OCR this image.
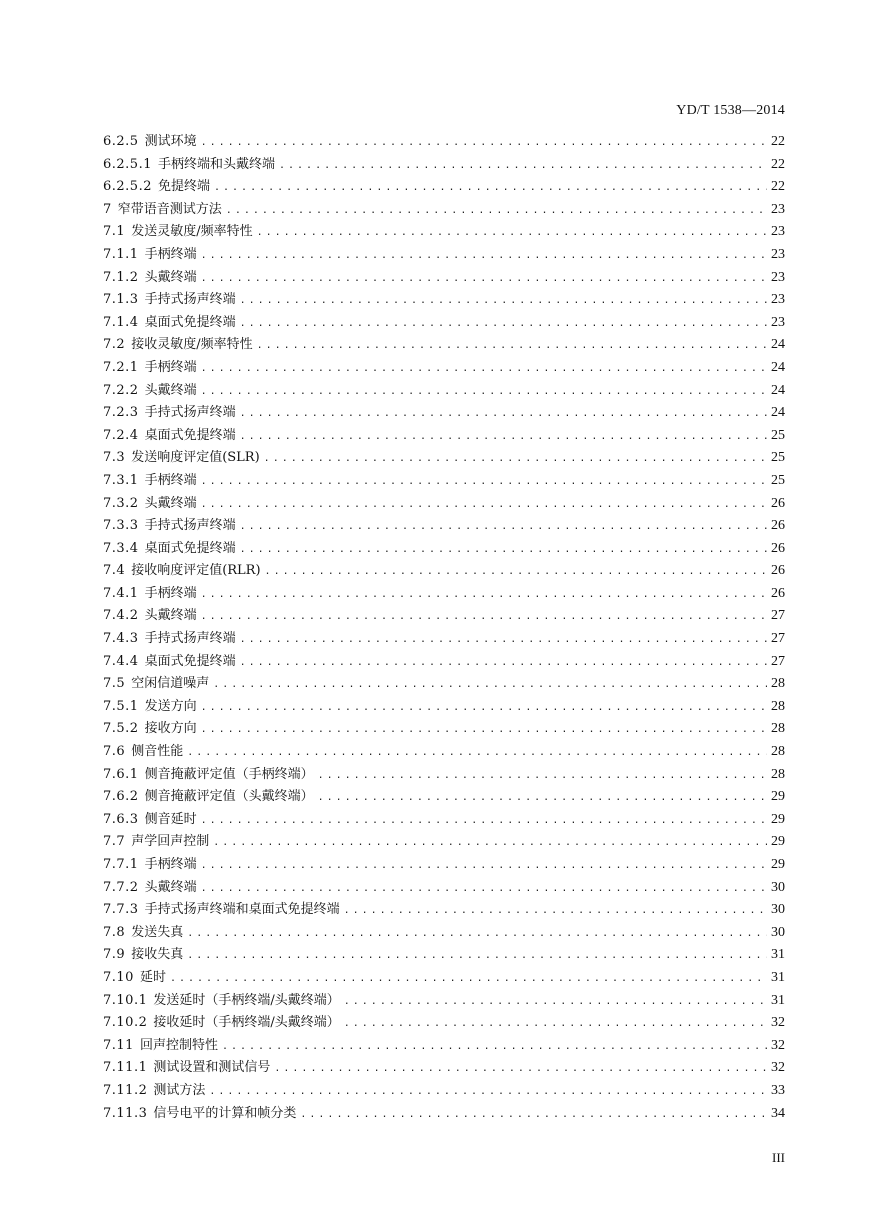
YD/T 1538—2014
6.2.5 测试环境 .....	22
6.2.5.1 手柄终端和头戴终端 .....	22
6.2.5.2 免提终端 .....	22
7 窄带语音测试方法 .....	23
7.1 发送灵敏度/频率特性 .....	23
7.1.1 手柄终端 .....	23
7.1.2 头戴终端 .....	23
7.1.3 手持式扬声终端 .....	23
7.1.4 桌面式免提终端 .....	23
7.2 接收灵敏度/频率特性 .....	24
7.2.1 手柄终端 .....	24
7.2.2 头戴终端 .....	24
7.2.3 手持式扬声终端 .....	24
7.2.4 桌面式免提终端 .....	25
7.3 发送响度评定值(SLR) .....	25
7.3.1 手柄终端 .....	25
7.3.2 头戴终端 .....	26
7.3.3 手持式扬声终端 .....	26
7.3.4 桌面式免提终端 .....	26
7.4 接收响度评定值(RLR) .....	26
7.4.1 手柄终端 .....	26
7.4.2 头戴终端 .....	27
7.4.3 手持式扬声终端 .....	27
7.4.4 桌面式免提终端 .....	27
7.5 空闲信道噪声 .....	28
7.5.1 发送方向 .....	28
7.5.2 接收方向 .....	28
7.6 侧音性能 .....	28
7.6.1 侧音掩蔽评定值（手柄终端） .....	28
7.6.2 侧音掩蔽评定值（头戴终端） .....	29
7.6.3 侧音延时 .....	29
7.7 声学回声控制 .....	29
7.7.1 手柄终端 .....	29
7.7.2 头戴终端 .....	30
7.7.3 手持式扬声终端和桌面式免提终端 .....	30
7.8 发送失真 .....	30
7.9 接收失真 .....	31
7.10 延时 .....	31
7.10.1 发送延时（手柄终端/头戴终端） .....	31
7.10.2 接收延时（手柄终端/头戴终端） .....	32
7.11 回声控制特性 .....	32
7.11.1 测试设置和测试信号 .....	32
7.11.2 测试方法 .....	33
7.11.3 信号电平的计算和帧分类 .....	34
III
